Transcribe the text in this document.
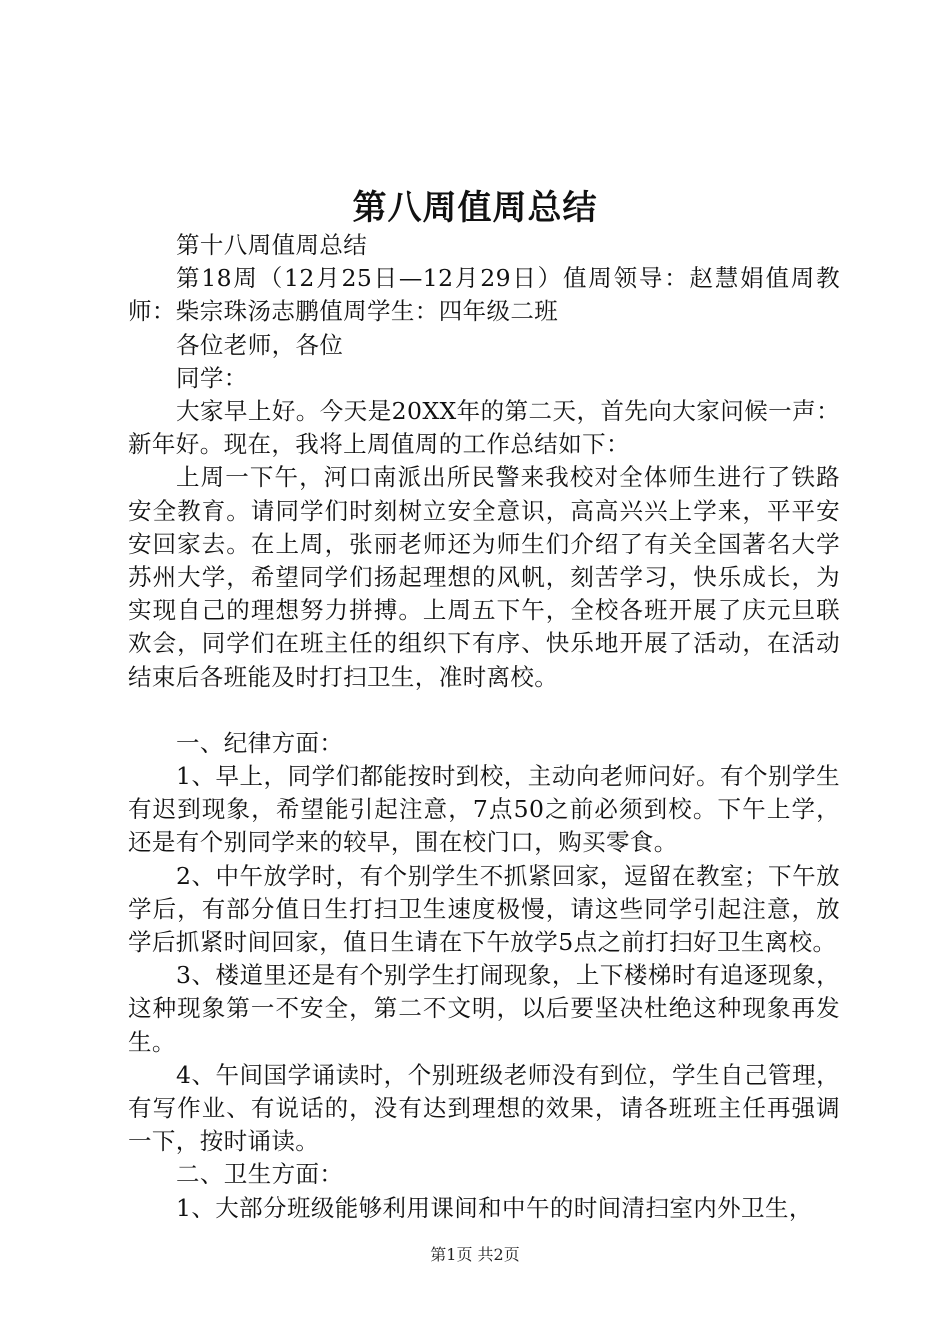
第八周值周总结

第十八周值周总结

第18周（12月25日—12月29日）值周领导：赵慧娟值周教师：柴宗珠汤志鹏值周学生：四年级二班

各位老师，各位

同学：

大家早上好。今天是20XX年的第二天，首先向大家问候一声：新年好。现在，我将上周值周的工作总结如下：

上周一下午，河口南派出所民警来我校对全体师生进行了铁路安全教育。请同学们时刻树立安全意识，高高兴兴上学来，平平安安回家去。在上周，张丽老师还为师生们介绍了有关全国著名大学苏州大学，希望同学们扬起理想的风帆，刻苦学习，快乐成长，为实现自己的理想努力拼搏。上周五下午，全校各班开展了庆元旦联欢会，同学们在班主任的组织下有序、快乐地开展了活动，在活动结束后各班能及时打扫卫生，准时离校。

一、纪律方面：

1、早上，同学们都能按时到校，主动向老师问好。有个别学生有迟到现象，希望能引起注意，7点50之前必须到校。下午上学，还是有个别同学来的较早，围在校门口，购买零食。

2、中午放学时，有个别学生不抓紧回家，逗留在教室；下午放学后，有部分值日生打扫卫生速度极慢，请这些同学引起注意，放学后抓紧时间回家，值日生请在下午放学5点之前打扫好卫生离校。

3、楼道里还是有个别学生打闹现象，上下楼梯时有追逐现象，这种现象第一不安全，第二不文明，以后要坚决杜绝这种现象再发生。

4、午间国学诵读时，个别班级老师没有到位，学生自己管理，有写作业、有说话的，没有达到理想的效果，请各班班主任再强调一下，按时诵读。

二、卫生方面：

1、大部分班级能够利用课间和中午的时间清扫室内外卫生，

第1页 共2页
